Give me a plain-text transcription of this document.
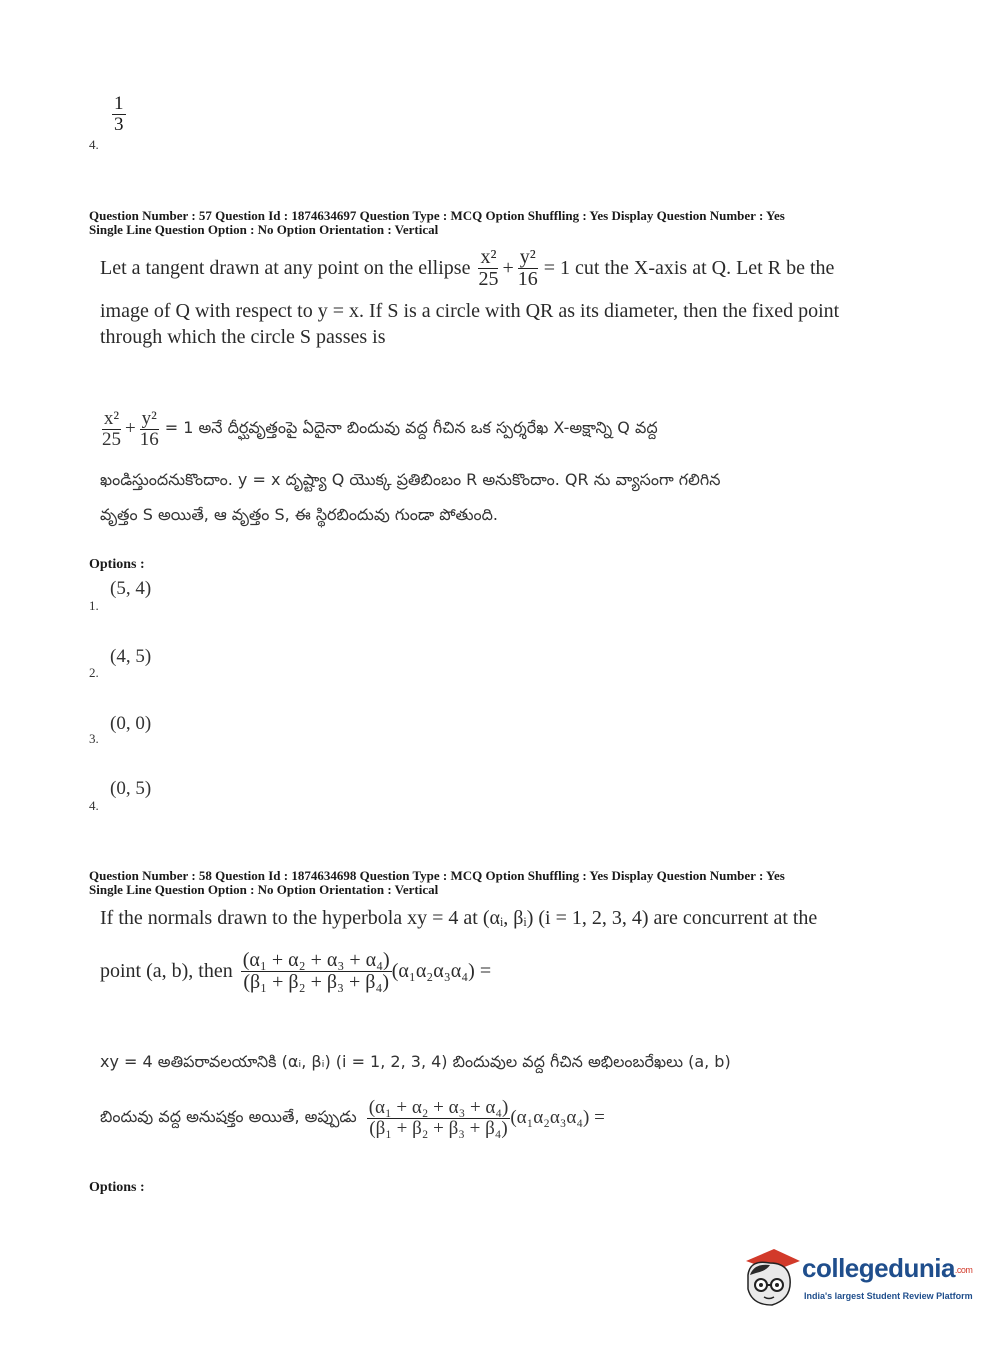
4.
$\frac{1}{3}$
Question Number : 57 Question Id : 1874634697 Question Type : MCQ Option Shuffling : Yes Display Question Number : Yes
Single Line Question Option : No Option Orientation : Vertical
Let a tangent drawn at any point on the ellipse $\frac{\text{x²}}{25} + \frac{\text{y²}}{16} = 1$ cut the X-axis at Q. Let R be the
image of Q with respect to y = x. If S is a circle with QR as its diameter, then the fixed point
through which the circle S passes is
$\frac{\text{x²}}{25} + \frac{\text{y²}}{16} = 1$ అనే దీర్ఘవృత్తంపై ఏదైనా బిందువు వద్ద గీచిన ఒక స్పర్శరేఖ X-అక్షాన్ని Q వద్ద
ఖండిస్తుందనుకొందాం. y = x దృష్ట్యా Q యొక్క ప్రతిబింబం R అనుకొందాం. QR ను వ్యాసంగా గలిగిన
వృత్తం S అయితే, ఆ వృత్తం S, ఈ స్థిరబిందువు గుండా పోతుంది.
Options :
1.
(5, 4)
2.
(4, 5)
3.
(0, 0)
4.
(0, 5)
Question Number : 58 Question Id : 1874634698 Question Type : MCQ Option Shuffling : Yes Display Question Number : Yes
Single Line Question Option : No Option Orientation : Vertical
If the normals drawn to the hyperbola xy = 4 at (αᵢ, βᵢ) (i = 1, 2, 3, 4) are concurrent at the
point (a, b), then $\frac{\text{(α₁ + α₂ + α₃ + α₄)}}{\text{(β₁ + β₂ + β₃ + β₄)}} (\alpha_1\alpha_2\alpha_3\alpha_4)$ =
xy = 4 అతిపరావలయానికి (αᵢ, βᵢ) (i = 1, 2, 3, 4) బిందువుల వద్ద గీచిన అభిలంబరేఖలు (a, b)
బిందువు వద్ద అనుషక్తం అయితే, అప్పుడు $\frac{\text{(α₁ + α₂ + α₃ + α₄)}}{\text{(β₁ + β₂ + β₃ + β₄)}} (\alpha_1\alpha_2\alpha_3\alpha_4)$ =
Options :
collegedunia.com
India's largest Student Review Platform
